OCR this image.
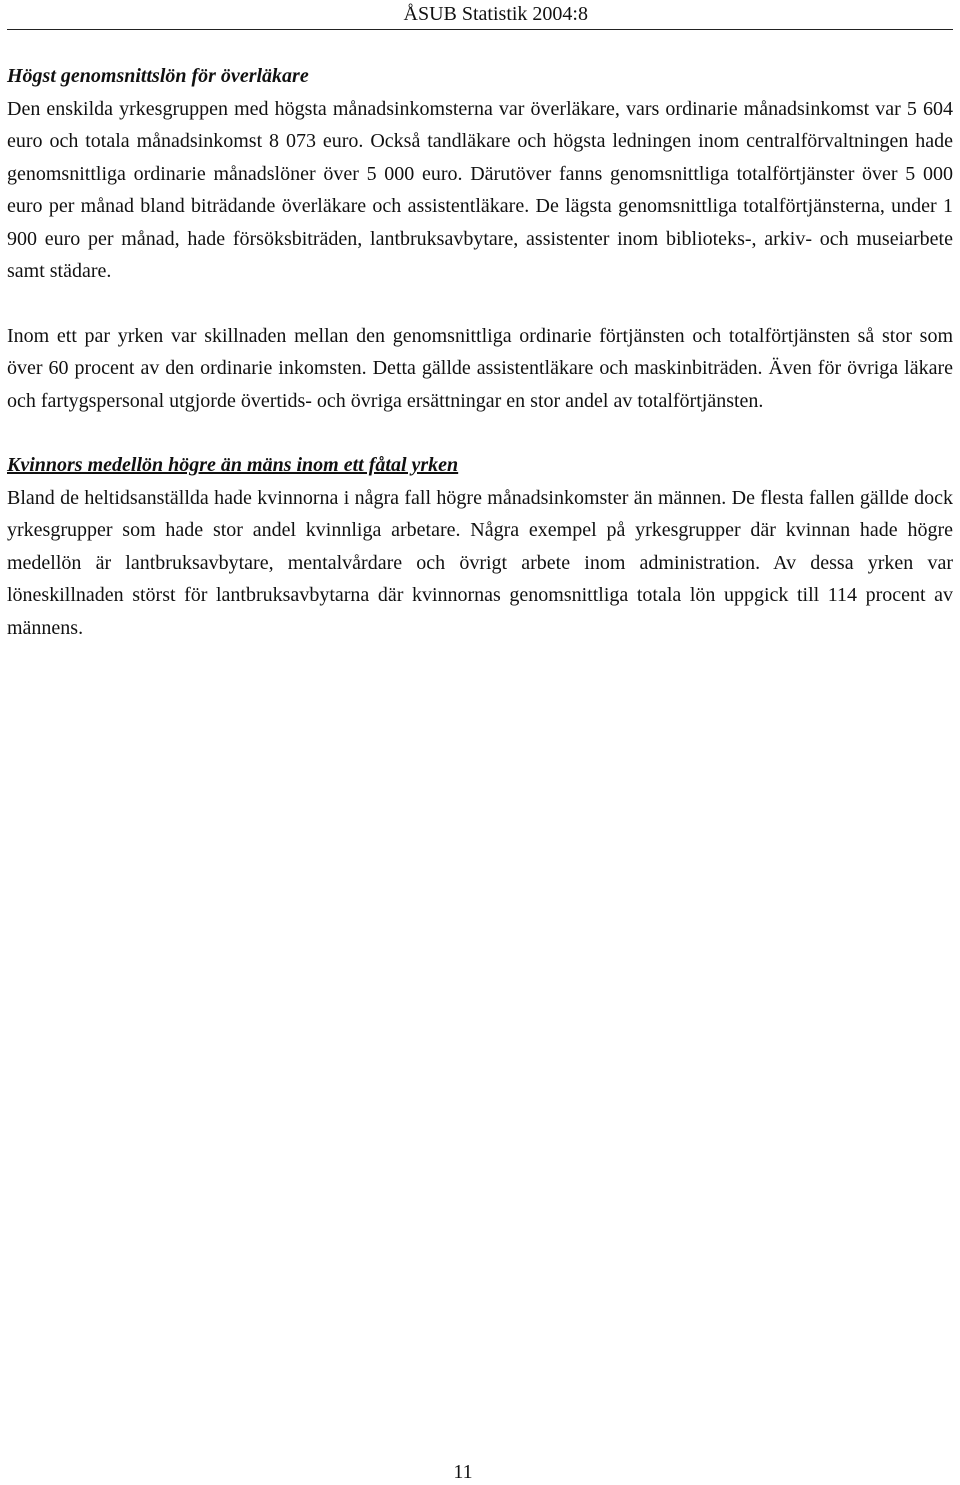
ÅSUB Statistik 2004:8
Högst genomsnittslön för överläkare

Den enskilda yrkesgruppen med högsta månadsinkomsterna var överläkare, vars ordinarie månadsinkomst var 5 604 euro och totala månadsinkomst 8 073 euro. Också tandläkare och högsta ledningen inom centralförvaltningen hade genomsnittliga ordinarie månadslöner över 5 000 euro. Därutöver fanns genomsnittliga totalförtjänster över 5 000 euro per månad bland biträdande överläkare och assistentläkare. De lägsta genomsnittliga totalförtjänsterna, under 1 900 euro per månad, hade försöksbiträden, lantbruksavbytare, assistenter inom biblioteks-, arkiv- och museiarbete samt städare.

Inom ett par yrken var skillnaden mellan den genomsnittliga ordinarie förtjänsten och totalförtjänsten så stor som över 60 procent av den ordinarie inkomsten. Detta gällde assistentläkare och maskinbiträden. Även för övriga läkare och fartygspersonal utgjorde övertids- och övriga ersättningar en stor andel av totalförtjänsten.

Kvinnors medellön högre än mäns inom ett fåtal yrken

Bland de heltidsanställda hade kvinnorna i några fall högre månadsinkomster än männen. De flesta fallen gällde dock yrkesgrupper som hade stor andel kvinnliga arbetare. Några exempel på yrkesgrupper där kvinnan hade högre medellön är lantbruksavbytare, mentalvårdare och övrigt arbete inom administration. Av dessa yrken var löneskillnaden störst för lantbruksavbytarna där kvinnornas genomsnittliga totala lön uppgick till 114 procent av männens.

11
